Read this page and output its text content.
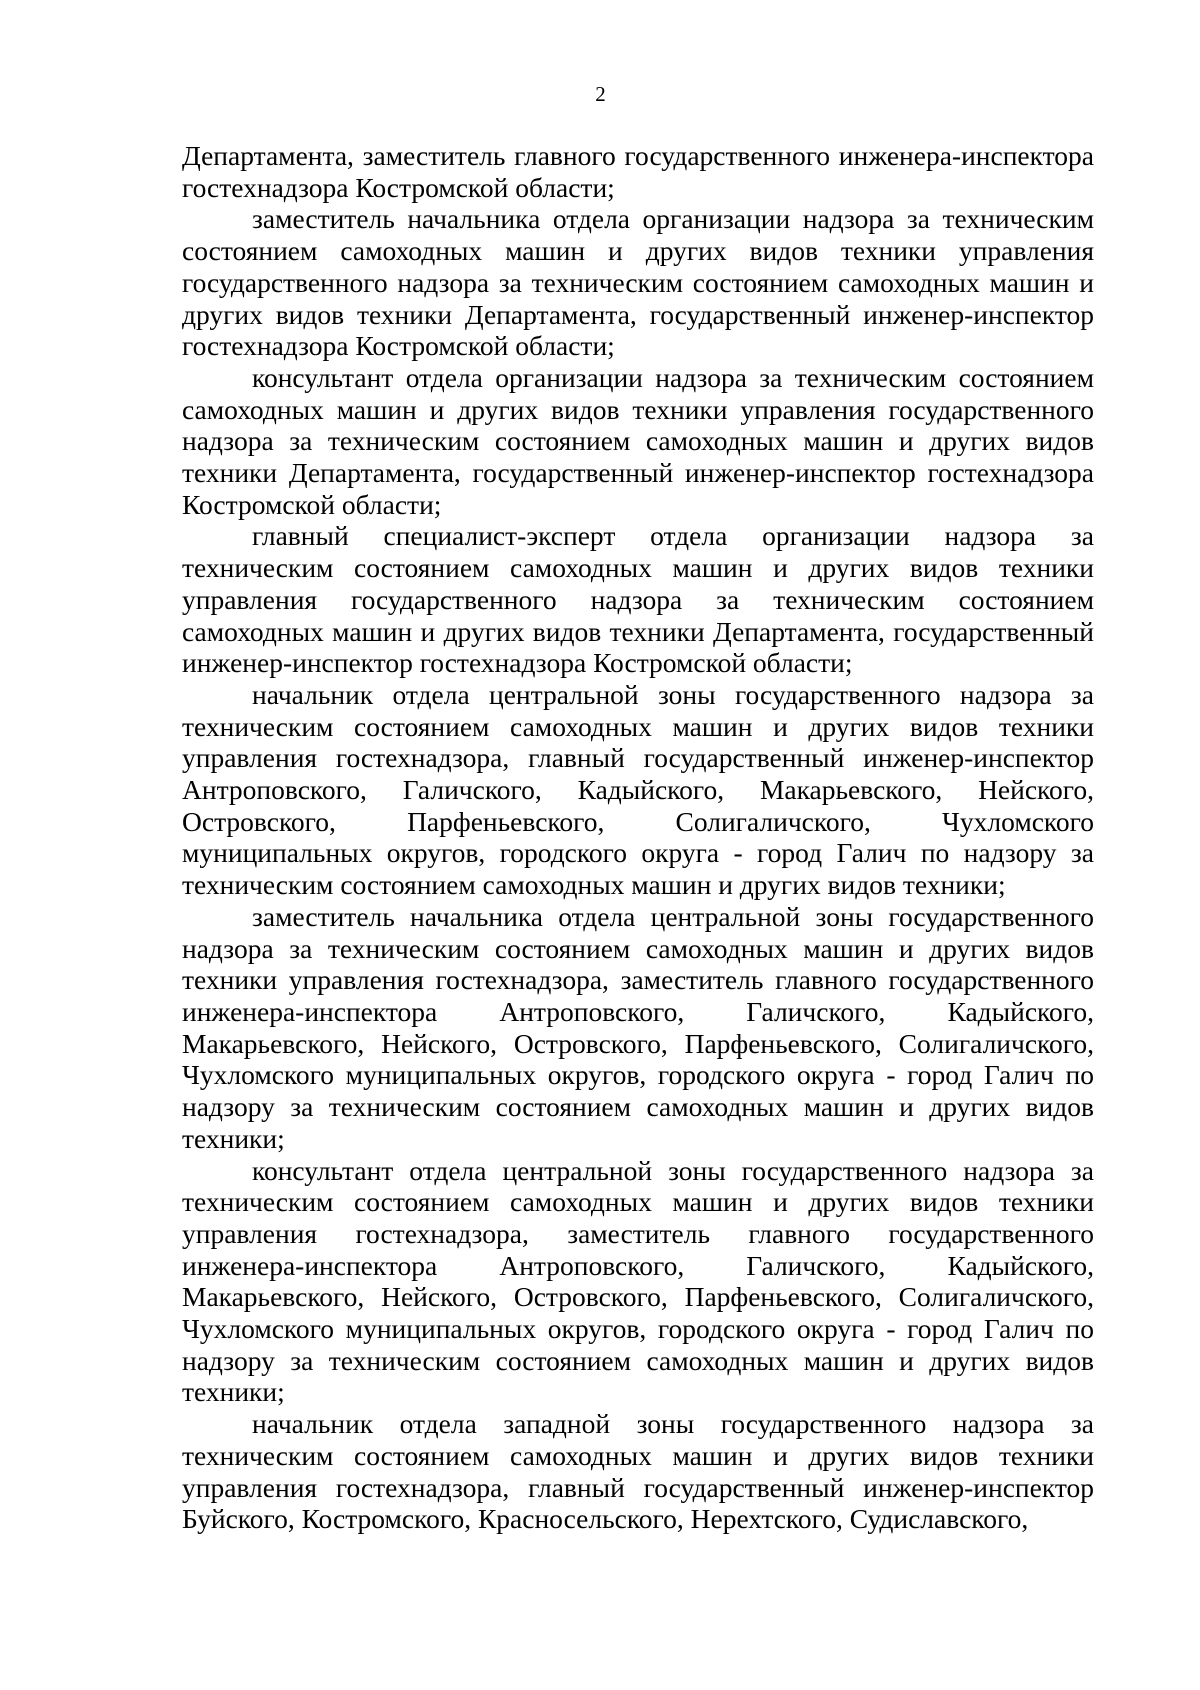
2

Департамента, заместитель главного государственного инженера-инспектора гостехнадзора Костромской области;

заместитель начальника отдела организации надзора за техническим состоянием самоходных машин и других видов техники управления государственного надзора за техническим состоянием самоходных машин и других видов техники Департамента, государственный инженер-инспектор гостехнадзора Костромской области;

консультант отдела организации надзора за техническим состоянием самоходных машин и других видов техники управления государственного надзора за техническим состоянием самоходных машин и других видов техники Департамента, государственный инженер-инспектор гостехнадзора Костромской области;

главный специалист-эксперт отдела организации надзора за техническим состоянием самоходных машин и других видов техники управления государственного надзора за техническим состоянием самоходных машин и других видов техники Департамента, государственный инженер-инспектор гостехнадзора Костромской области;

начальник отдела центральной зоны государственного надзора за техническим состоянием самоходных машин и других видов техники управления гостехнадзора, главный государственный инженер-инспектор Антроповского, Галичского, Кадыйского, Макарьевского, Нейского, Островского, Парфеньевского, Солигаличского, Чухломского муниципальных округов, городского округа - город Галич по надзору за техническим состоянием самоходных машин и других видов техники;

заместитель начальника отдела центральной зоны государственного надзора за техническим состоянием самоходных машин и других видов техники управления гостехнадзора, заместитель главного государственного инженера-инспектора Антроповского, Галичского, Кадыйского, Макарьевского, Нейского, Островского, Парфеньевского, Солигаличского, Чухломского муниципальных округов, городского округа - город Галич по надзору за техническим состоянием самоходных машин и других видов техники;

консультант отдела центральной зоны государственного надзора за техническим состоянием самоходных машин и других видов техники управления гостехнадзора, заместитель главного государственного инженера-инспектора Антроповского, Галичского, Кадыйского, Макарьевского, Нейского, Островского, Парфеньевского, Солигаличского, Чухломского муниципальных округов, городского округа - город Галич по надзору за техническим состоянием самоходных машин и других видов техники;

начальник отдела западной зоны государственного надзора за техническим состоянием самоходных машин и других видов техники управления гостехнадзора, главный государственный инженер-инспектор Буйского, Костромского, Красносельского, Нерехтского, Судиславского,
